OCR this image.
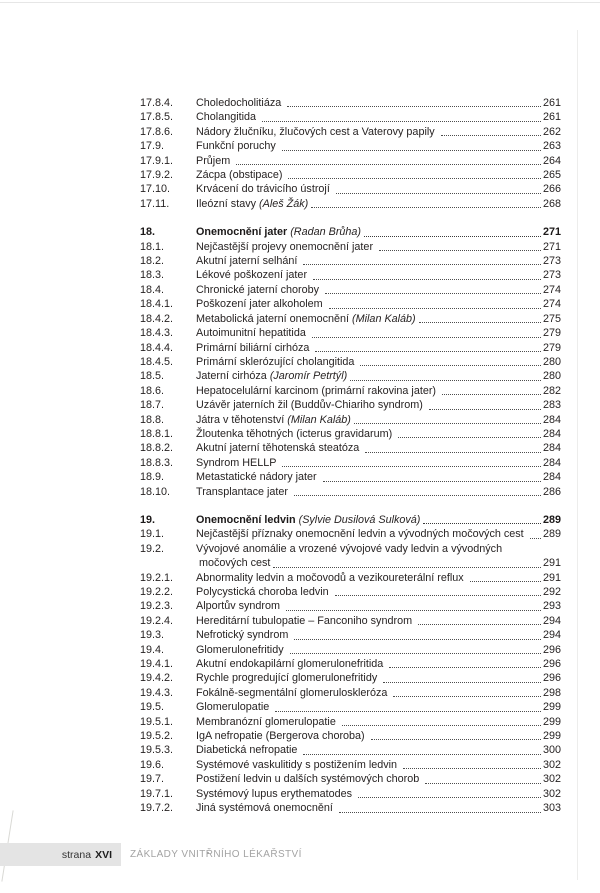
17.8.4.	Choledocholitiáza	261
17.8.5.	Cholangitida	261
17.8.6.	Nádory žlučníku, žlučových cest a Vaterovy papily	262
17.9.	Funkční poruchy	263
17.9.1.	Průjem	264
17.9.2.	Zácpa (obstipace)	265
17.10.	Krvácení do trávicího ústrojí	266
17.11.	Ileózní stavy (Aleš Žák)	268
18.	Onemocnění jater (Radan Brůha)	271
18.1.	Nejčastější projevy onemocnění jater	271
18.2.	Akutní jaterní selhání	273
18.3.	Lékové poškození jater	273
18.4.	Chronické jaterní choroby	274
18.4.1.	Poškození jater alkoholem	274
18.4.2.	Metabolická jaterní onemocnění (Milan Kaláb)	275
18.4.3.	Autoimunitní hepatitida	279
18.4.4.	Primární biliární cirhóza	279
18.4.5.	Primární sklerózující cholangitida	280
18.5.	Jaterní cirhóza (Jaromír Petrtýl)	280
18.6.	Hepatocelulární karcinom (primární rakovina jater)	282
18.7.	Uzávěr jaterních žil (Buddův-Chiariho syndrom)	283
18.8.	Játra v těhotenství (Milan Kaláb)	284
18.8.1.	Žloutenka těhotných (icterus gravidarum)	284
18.8.2.	Akutní jaterní těhotenská steatóza	284
18.8.3.	Syndrom HELLP	284
18.9.	Metastatické nádory jater	284
18.10.	Transplantace jater	286
19.	Onemocnění ledvin (Sylvie Dusilová Sulková)	289
19.1.	Nejčastější příznaky onemocnění ledvin a vývodných močových cest 289
19.2.	Vývojové anomálie a vrozené vývojové vady ledvin a vývodných
močových cest	291
19.2.1.	Abnormality ledvin a močovodů a vezikoureterální reflux	291
19.2.2.	Polycystická choroba ledvin	292
19.2.3.	Alportův syndrom	293
19.2.4.	Hereditární tubulopatie – Fanconiho syndrom	294
19.3.	Nefrotický syndrom	294
19.4.	Glomerulonefritidy	296
19.4.1.	Akutní endokapilární glomerulonefritida	296
19.4.2.	Rychle progredující glomerulonefritidy	296
19.4.3.	Fokálně-segmentální glomeruloskleróza	298
19.5.	Glomerulopatie	299
19.5.1.	Membranózní glomerulopatie	299
19.5.2.	IgA nefropatie (Bergerova choroba)	299
19.5.3.	Diabetická nefropatie	300
19.6.	Systémové vaskulitidy s postižením ledvin	302
19.7.	Postižení ledvin u dalších systémových chorob	302
19.7.1.	Systémový lupus erythematodes	302
19.7.2.	Jiná systémová onemocnění	303
strana XVI ZÁKLADY VNITŘNÍHO LÉKAŘSTVÍ
